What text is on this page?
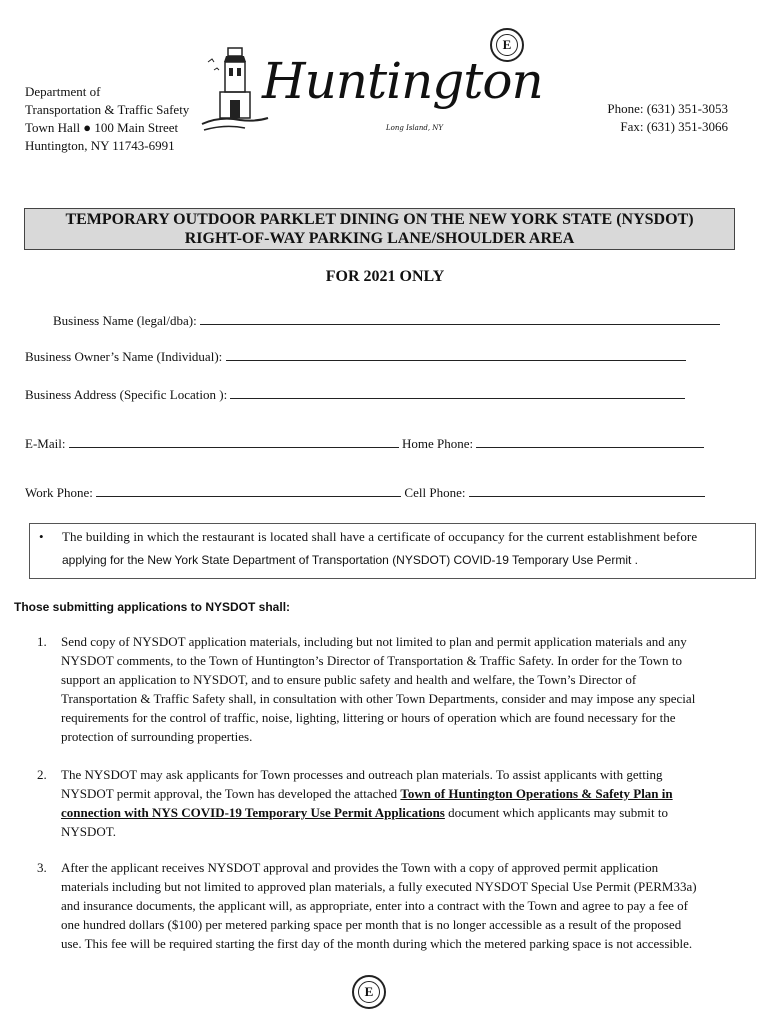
E
Department of
Transportation & Traffic Safety
Town Hall ● 100 Main Street
Huntington, NY 11743-6991
Huntington
Long Island, NY
Phone: (631) 351-3053
Fax: (631) 351-3066
TEMPORARY OUTDOOR PARKLET DINING ON THE NEW YORK STATE (NYSDOT)
RIGHT-OF-WAY PARKING LANE/SHOULDER AREA
FOR 2021 ONLY
Business Name (legal/dba):
Business Owner’s Name (Individual):
Business Address (Specific Location ):
E-Mail:	Home Phone:
Work Phone:	Cell Phone:
• The building in which the restaurant is located shall have a certificate of occupancy for the current establishment before
applying for the New York State Department of Transportation (NYSDOT) COVID-19 Temporary Use Permit .
Those submitting applications to NYSDOT shall:
1. Send copy of NYSDOT application materials, including but not limited to plan and permit application materials and any
NYSDOT comments, to the Town of Huntington’s Director of Transportation & Traffic Safety. In order for the Town to
support an application to NYSDOT, and to ensure public safety and health and welfare, the Town’s Director of
Transportation & Traffic Safety shall, in consultation with other Town Departments, consider and may impose any special
requirements for the control of traffic, noise, lighting, littering or hours of operation which are found necessary for the
protection of surrounding properties.
2. The NYSDOT may ask applicants for Town processes and outreach plan materials. To assist applicants with getting
NYSDOT permit approval, the Town has developed the attached Town of Huntington Operations & Safety Plan in
connection with NYS COVID-19 Temporary Use Permit Applications document which applicants may submit to
NYSDOT.
3. After the applicant receives NYSDOT approval and provides the Town with a copy of approved permit application
materials including but not limited to approved plan materials, a fully executed NYSDOT Special Use Permit (PERM33a)
and insurance documents, the applicant will, as appropriate, enter into a contract with the Town and agree to pay a fee of
one hundred dollars ($100) per metered parking space per month that is no longer accessible as a result of the proposed
use. This fee will be required starting the first day of the month during which the metered parking space is not accessible.
E
